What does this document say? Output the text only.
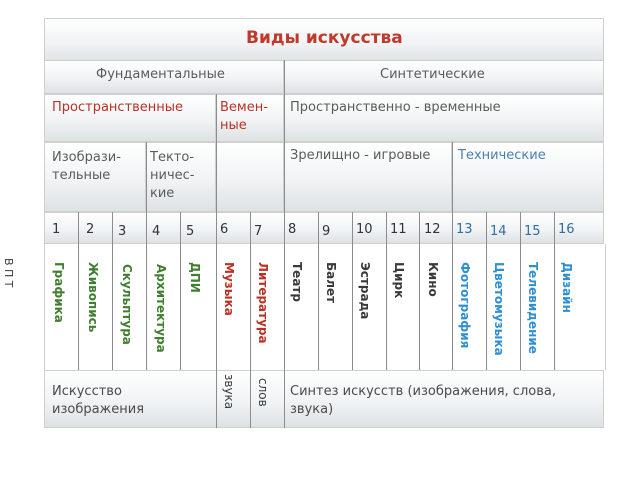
Виды искусства
Фундаментальные	Синтетические
Пространственные	Вемен-
ные
Пространственно - временные
Изобрази-
тельные
Текто-
ничес-
кие
Зрелищно - игровые Технические
1 2 3 4 5 6 7 8 9 10 11 12 13 14 15 16
Графика Живопись Скульптура Архитектура ДПИ Музыка Литература Театр Балет Эстрада Цирк Кино Фотография Цветомузыка Телевидение Дизайн
Искусство
изображения
звука слов Синтез искусств (изображения, слова,
звука)
В П Т
